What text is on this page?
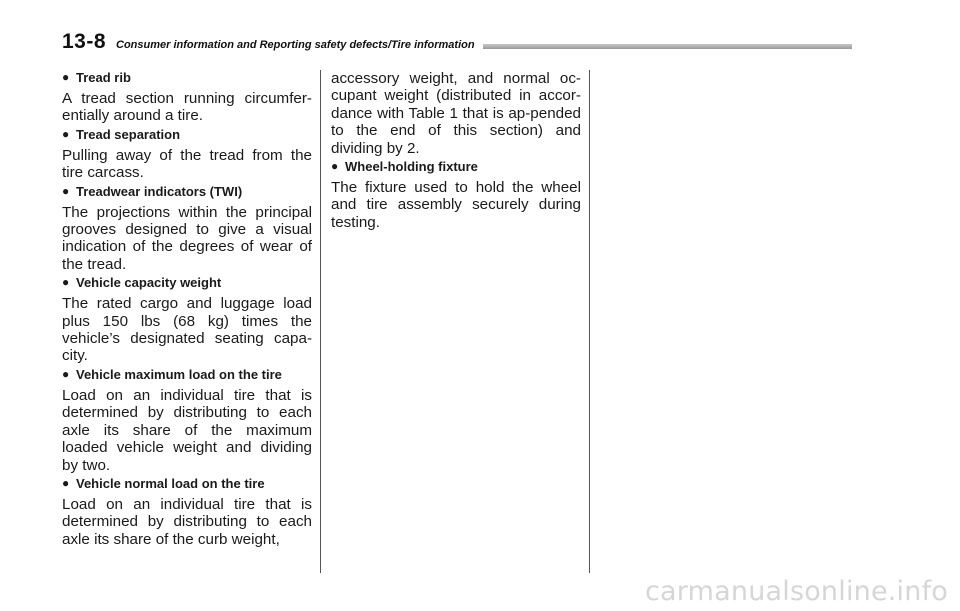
13-8 Consumer information and Reporting safety defects/Tire information
● Tread rib

A tread section running circumfer-entially around a tire.

● Tread separation

Pulling away of the tread from the tire carcass.

● Treadwear indicators (TWI)

The projections within the principal grooves designed to give a visual indication of the degrees of wear of the tread.

● Vehicle capacity weight

The rated cargo and luggage load plus 150 lbs (68 kg) times the vehicle’s designated seating capa-city.

● Vehicle maximum load on the tire

Load on an individual tire that is determined by distributing to each axle its share of the maximum loaded vehicle weight and dividing by two.

● Vehicle normal load on the tire

Load on an individual tire that is determined by distributing to each axle its share of the curb weight,

accessory weight, and normal oc-cupant weight (distributed in accor-dance with Table 1 that is ap-pended to the end of this section) and dividing by 2.

● Wheel-holding fixture

The fixture used to hold the wheel and tire assembly securely during testing.

carmanualsonline.info
